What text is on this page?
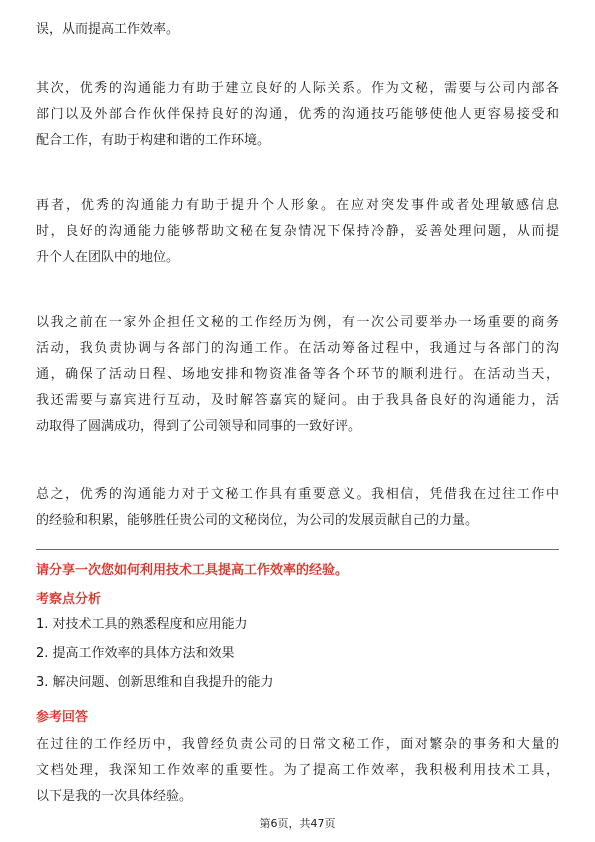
误，从而提高工作效率。

其次，优秀的沟通能力有助于建立良好的人际关系。作为文秘，需要与公司内部各
部门以及外部合作伙伴保持良好的沟通，优秀的沟通技巧能够使他人更容易接受和
配合工作，有助于构建和谐的工作环境。

再者，优秀的沟通能力有助于提升个人形象。在应对突发事件或者处理敏感信息
时，良好的沟通能力能够帮助文秘在复杂情况下保持冷静，妥善处理问题，从而提
升个人在团队中的地位。

以我之前在一家外企担任文秘的工作经历为例，有一次公司要举办一场重要的商务
活动，我负责协调与各部门的沟通工作。在活动筹备过程中，我通过与各部门的沟
通，确保了活动日程、场地安排和物资准备等各个环节的顺利进行。在活动当天，
我还需要与嘉宾进行互动，及时解答嘉宾的疑问。由于我具备良好的沟通能力，活
动取得了圆满成功，得到了公司领导和同事的一致好评。

总之，优秀的沟通能力对于文秘工作具有重要意义。我相信，凭借我在过往工作中
的经验和积累，能够胜任贵公司的文秘岗位，为公司的发展贡献自己的力量。

请分享一次您如何利用技术工具提高工作效率的经验。
考察点分析
1. 对技术工具的熟悉程度和应用能力
2. 提高工作效率的具体方法和效果
3. 解决问题、创新思维和自我提升的能力
参考回答

在过往的工作经历中，我曾经负责公司的日常文秘工作，面对繁杂的事务和大量的
文档处理，我深知工作效率的重要性。为了提高工作效率，我积极利用技术工具，
以下是我的一次具体经验。

第6页，共47页
